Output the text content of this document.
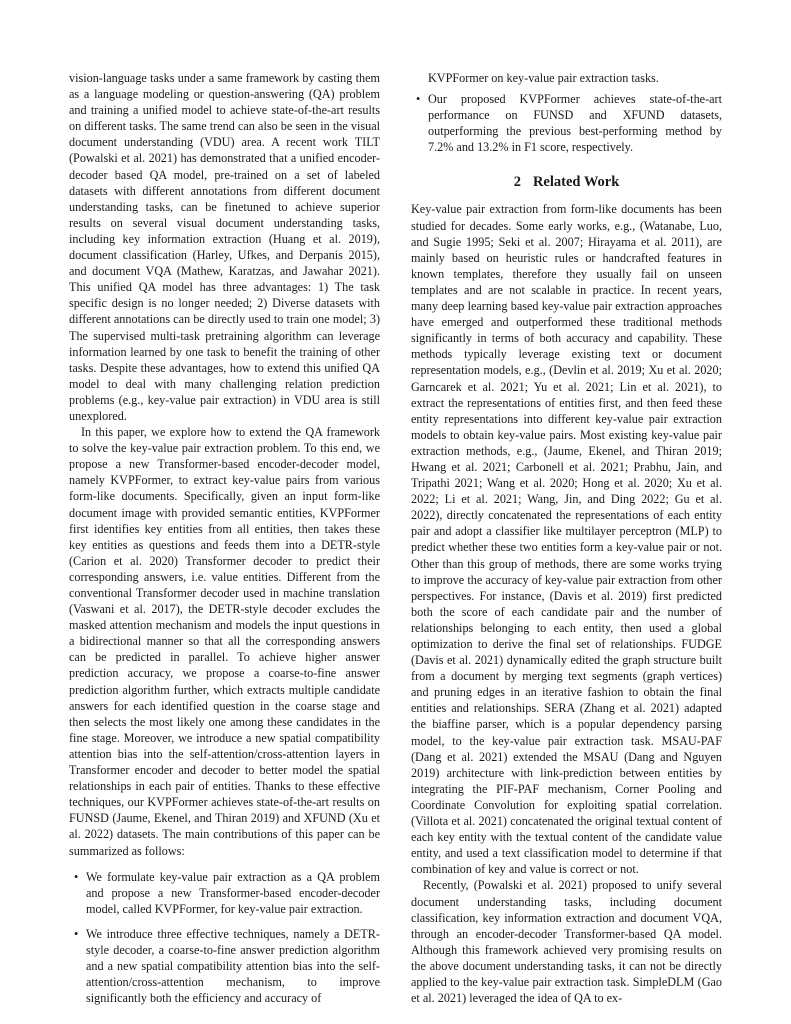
vision-language tasks under a same framework by casting them as a language modeling or question-answering (QA) problem and training a unified model to achieve state-of-the-art results on different tasks. The same trend can also be seen in the visual document understanding (VDU) area. A recent work TILT (Powalski et al. 2021) has demonstrated that a unified encoder-decoder based QA model, pre-trained on a set of labeled datasets with different annotations from different document understanding tasks, can be finetuned to achieve superior results on several visual document understanding tasks, including key information extraction (Huang et al. 2019), document classification (Harley, Ufkes, and Derpanis 2015), and document VQA (Mathew, Karatzas, and Jawahar 2021). This unified QA model has three advantages: 1) The task specific design is no longer needed; 2) Diverse datasets with different annotations can be directly used to train one model; 3) The supervised multi-task pretraining algorithm can leverage information learned by one task to benefit the training of other tasks. Despite these advantages, how to extend this unified QA model to deal with many challenging relation prediction problems (e.g., key-value pair extraction) in VDU area is still unexplored.

In this paper, we explore how to extend the QA framework to solve the key-value pair extraction problem. To this end, we propose a new Transformer-based encoder-decoder model, namely KVPFormer, to extract key-value pairs from various form-like documents. Specifically, given an input form-like document image with provided semantic entities, KVPFormer first identifies key entities from all entities, then takes these key entities as questions and feeds them into a DETR-style (Carion et al. 2020) Transformer decoder to predict their corresponding answers, i.e. value entities. Different from the conventional Transformer decoder used in machine translation (Vaswani et al. 2017), the DETR-style decoder excludes the masked attention mechanism and models the input questions in a bidirectional manner so that all the corresponding answers can be predicted in parallel. To achieve higher answer prediction accuracy, we propose a coarse-to-fine answer prediction algorithm further, which extracts multiple candidate answers for each identified question in the coarse stage and then selects the most likely one among these candidates in the fine stage. Moreover, we introduce a new spatial compatibility attention bias into the self-attention/cross-attention layers in Transformer encoder and decoder to better model the spatial relationships in each pair of entities. Thanks to these effective techniques, our KVPFormer achieves state-of-the-art results on FUNSD (Jaume, Ekenel, and Thiran 2019) and XFUND (Xu et al. 2022) datasets. The main contributions of this paper can be summarized as follows:

• We formulate key-value pair extraction as a QA problem and propose a new Transformer-based encoder-decoder model, called KVPFormer, for key-value pair extraction.
• We introduce three effective techniques, namely a DETR-style decoder, a coarse-to-fine answer prediction algorithm and a new spatial compatibility attention bias into the self-attention/cross-attention mechanism, to improve significantly both the efficiency and accuracy of

KVPFormer on key-value pair extraction tasks.

• Our proposed KVPFormer achieves state-of-the-art performance on FUNSD and XFUND datasets, outperforming the previous best-performing method by 7.2% and 13.2% in F1 score, respectively.
2 Related Work

Key-value pair extraction from form-like documents has been studied for decades. Some early works, e.g., (Watanabe, Luo, and Sugie 1995; Seki et al. 2007; Hirayama et al. 2011), are mainly based on heuristic rules or handcrafted features in known templates, therefore they usually fail on unseen templates and are not scalable in practice. In recent years, many deep learning based key-value pair extraction approaches have emerged and outperformed these traditional methods significantly in terms of both accuracy and capability. These methods typically leverage existing text or document representation models, e.g., (Devlin et al. 2019; Xu et al. 2020; Garncarek et al. 2021; Yu et al. 2021; Lin et al. 2021), to extract the representations of entities first, and then feed these entity representations into different key-value pair extraction models to obtain key-value pairs. Most existing key-value pair extraction methods, e.g., (Jaume, Ekenel, and Thiran 2019; Hwang et al. 2021; Carbonell et al. 2021; Prabhu, Jain, and Tripathi 2021; Wang et al. 2020; Hong et al. 2020; Xu et al. 2022; Li et al. 2021; Wang, Jin, and Ding 2022; Gu et al. 2022), directly concatenated the representations of each entity pair and adopt a classifier like multilayer perceptron (MLP) to predict whether these two entities form a key-value pair or not. Other than this group of methods, there are some works trying to improve the accuracy of key-value pair extraction from other perspectives. For instance, (Davis et al. 2019) first predicted both the score of each candidate pair and the number of relationships belonging to each entity, then used a global optimization to derive the final set of relationships. FUDGE (Davis et al. 2021) dynamically edited the graph structure built from a document by merging text segments (graph vertices) and pruning edges in an iterative fashion to obtain the final entities and relationships. SERA (Zhang et al. 2021) adapted the biaffine parser, which is a popular dependency parsing model, to the key-value pair extraction task. MSAU-PAF (Dang et al. 2021) extended the MSAU (Dang and Nguyen 2019) architecture with link-prediction between entities by integrating the PIF-PAF mechanism, Corner Pooling and Coordinate Convolution for exploiting spatial correlation. (Villota et al. 2021) concatenated the original textual content of each key entity with the textual content of the candidate value entity, and used a text classification model to determine if that combination of key and value is correct or not.

Recently, (Powalski et al. 2021) proposed to unify several document understanding tasks, including document classification, key information extraction and document VQA, through an encoder-decoder Transformer-based QA model. Although this framework achieved very promising results on the above document understanding tasks, it can not be directly applied to the key-value pair extraction task. SimpleDLM (Gao et al. 2021) leveraged the idea of QA to ex-
